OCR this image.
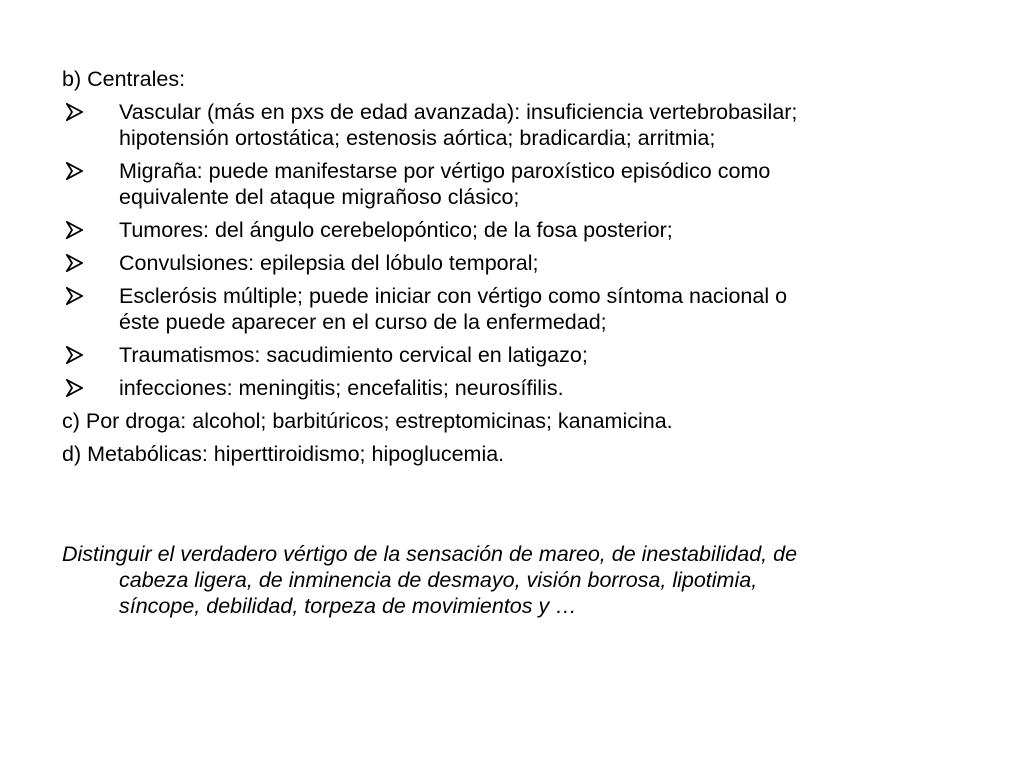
b) Centrales:
Vascular (más en pxs de edad avanzada): insuficiencia vertebrobasilar;
hipotensión ortostática; estenosis aórtica; bradicardia; arritmia;
Migraña: puede manifestarse por vértigo paroxístico episódico como
equivalente del ataque migrañoso clásico;
Tumores: del ángulo cerebelopóntico; de la fosa posterior;
Convulsiones: epilepsia del lóbulo temporal;
Esclerósis múltiple; puede iniciar con vértigo como síntoma nacional o
éste puede aparecer en el curso de la enfermedad;
Traumatismos: sacudimiento cervical en latigazo;
infecciones: meningitis; encefalitis; neurosífilis.
c) Por droga: alcohol; barbitúricos; estreptomicinas; kanamicina.
d) Metabólicas: hiperttiroidismo; hipoglucemia.
Distinguir el verdadero vértigo de la sensación de mareo, de inestabilidad, de
cabeza ligera, de inminencia de desmayo, visión borrosa, lipotimia,
síncope, debilidad, torpeza de movimientos y …
